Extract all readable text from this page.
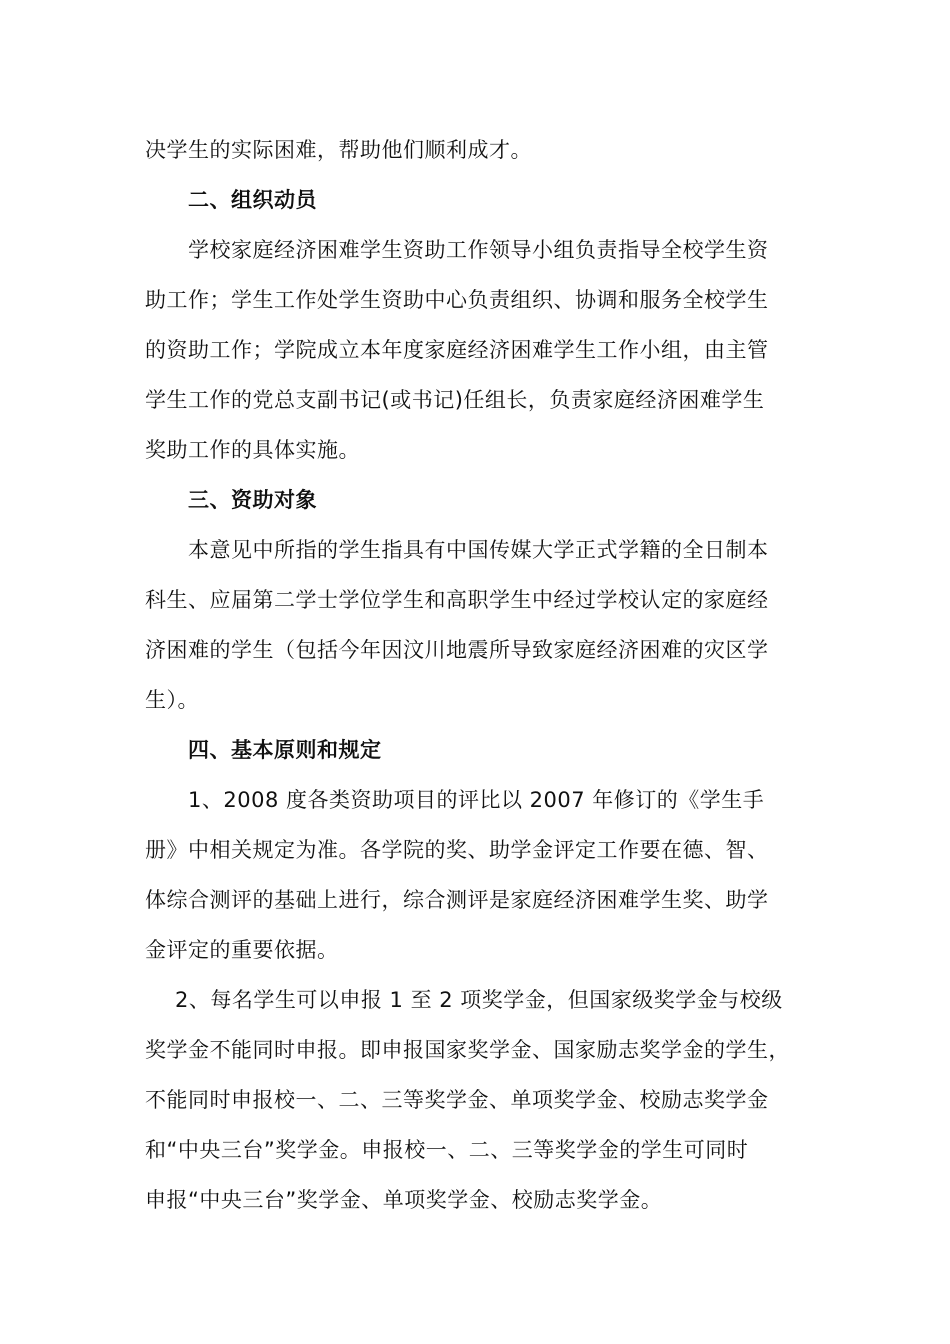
决学生的实际困难，帮助他们顺利成才。
二、组织动员
学校家庭经济困难学生资助工作领导小组负责指导全校学生资
助工作；学生工作处学生资助中心负责组织、协调和服务全校学生
的资助工作；学院成立本年度家庭经济困难学生工作小组，由主管
学生工作的党总支副书记(或书记)任组长，负责家庭经济困难学生
奖助工作的具体实施。
三、资助对象
本意见中所指的学生指具有中国传媒大学正式学籍的全日制本
科生、应届第二学士学位学生和高职学生中经过学校认定的家庭经
济困难的学生（包括今年因汶川地震所导致家庭经济困难的灾区学
生）。
四、基本原则和规定
1、2008 度各类资助项目的评比以 2007 年修订的《学生手
册》中相关规定为准。各学院的奖、助学金评定工作要在德、智、
体综合测评的基础上进行，综合测评是家庭经济困难学生奖、助学
金评定的重要依据。
2、每名学生可以申报 1 至 2 项奖学金，但国家级奖学金与校级
奖学金不能同时申报。即申报国家奖学金、国家励志奖学金的学生，
不能同时申报校一、二、三等奖学金、单项奖学金、校励志奖学金
和“中央三台”奖学金。申报校一、二、三等奖学金的学生可同时
申报“中央三台”奖学金、单项奖学金、校励志奖学金。
